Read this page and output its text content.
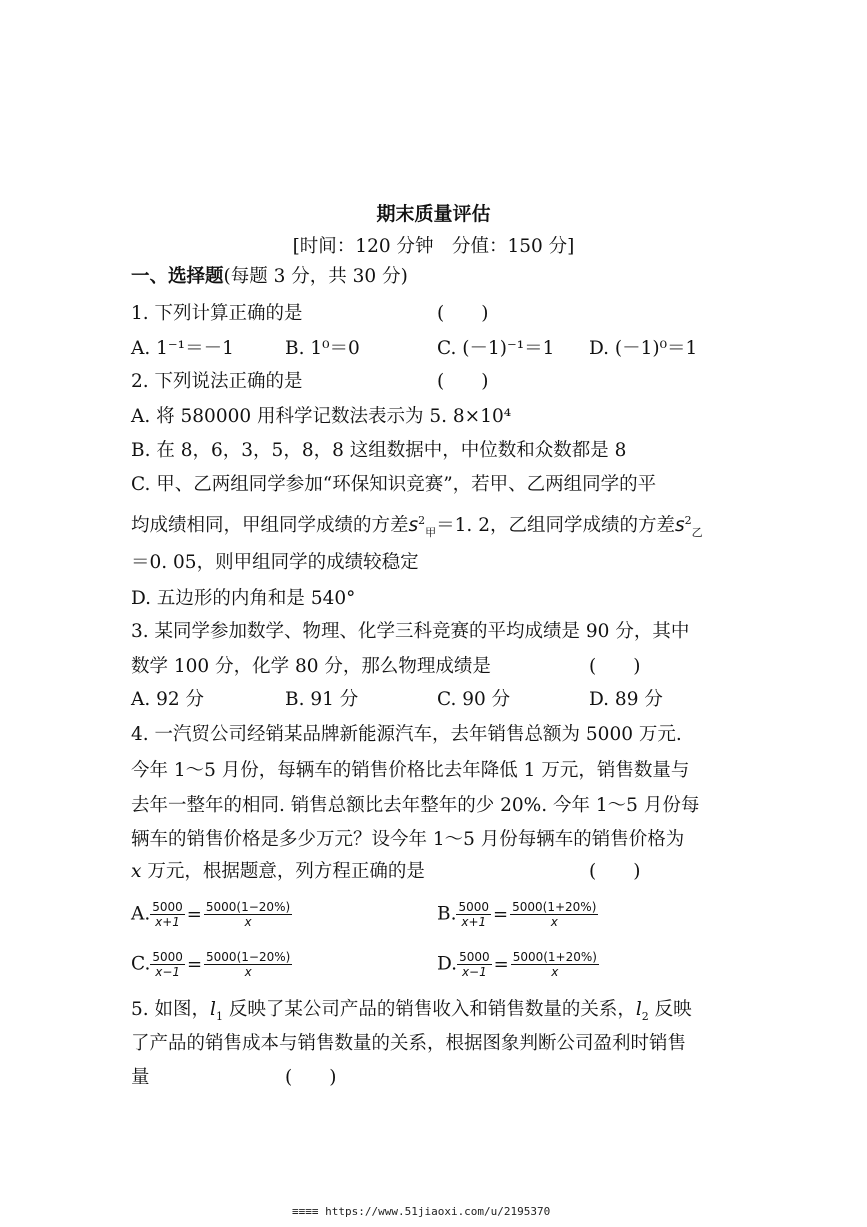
期末质量评估
[时间：120 分钟　分值：150 分]
一、选择题(每题 3 分，共 30 分)
1. 下列计算正确的是	(　　)
A. 1⁻¹＝－1	B. 1⁰＝0	C. (－1)⁻¹＝1 D. (－1)⁰＝1
2. 下列说法正确的是	(　　)
A. 将 580000 用科学记数法表示为 5. 8×10⁴
B. 在 8，6，3，5，8，8 这组数据中，中位数和众数都是 8
C. 甲、乙两组同学参加“环保知识竞赛”，若甲、乙两组同学的平
均成绩相同，甲组同学成绩的方差$s^2_甲=1$. 2，乙组同学成绩的方差$s^2_乙$
＝0. 05，则甲组同学的成绩较稳定
D. 五边形的内角和是 540°
3. 某同学参加数学、物理、化学三科竞赛的平均成绩是 90 分，其中
数学 100 分，化学 80 分，那么物理成绩是	(　　)
A. 92 分	B. 91 分	C. 90 分	D. 89 分
4. 一汽贸公司经销某品牌新能源汽车，去年销售总额为 5000 万元.
今年 1～5 月份，每辆车的销售价格比去年降低 1 万元，销售数量与
去年一整年的相同. 销售总额比去年整年的少 20%. 今年 1～5 月份每
辆车的销售价格是多少万元？设今年 1～5 月份每辆车的销售价格为
x 万元，根据题意，列方程正确的是	(　　)
A. $\frac{5000}{x+1} = \frac{5000(1-20\%)}{x}$	B. $\frac{5000}{x+1} = \frac{5000(1+20\%)}{x}$
C. $\frac{5000}{x-1} = \frac{5000(1-20\%)}{x}$	D. $\frac{5000}{x-1} = \frac{5000(1+20\%)}{x}$
5. 如图，$l_1$ 反映了某公司产品的销售收入和销售数量的关系，$l_2$ 反映
了产品的销售成本与销售数量的关系，根据图象判断公司盈利时销售
量	(　　)
≡≡≡≡ https://www.51jiaoxi.com/u/2195370
